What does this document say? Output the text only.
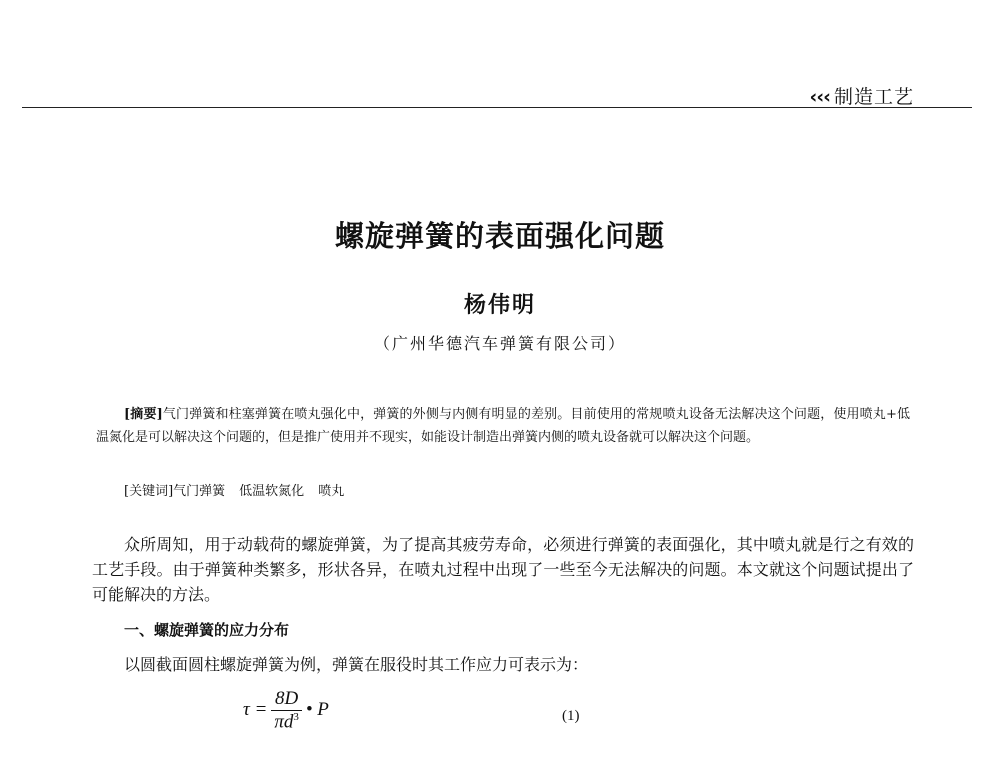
‹‹‹ 制造工艺
螺旋弹簧的表面强化问题
杨伟明
（广州华德汽车弹簧有限公司）

[摘要]气门弹簧和柱塞弹簧在喷丸强化中，弹簧的外侧与内侧有明显的差别。目前使用的常规喷丸设备无法解决这个问题，使用喷丸+低温氮化是可以解决这个问题的，但是推广使用并不现实，如能设计制造出弹簧内侧的喷丸设备就可以解决这个问题。

[关键词]气门弹簧 低温软氮化 喷丸

众所周知，用于动载荷的螺旋弹簧，为了提高其疲劳寿命，必须进行弹簧的表面强化，其中喷丸就是行之有效的工艺手段。由于弹簧种类繁多，形状各异，在喷丸过程中出现了一些至今无法解决的问题。本文就这个问题试提出了可能解决的方法。

一、螺旋弹簧的应力分布
以圆截面圆柱螺旋弹簧为例，弹簧在服役时其工作应力可表示为：
$\tau = \frac{8D}{\pi d^3}$ • P	(1)
